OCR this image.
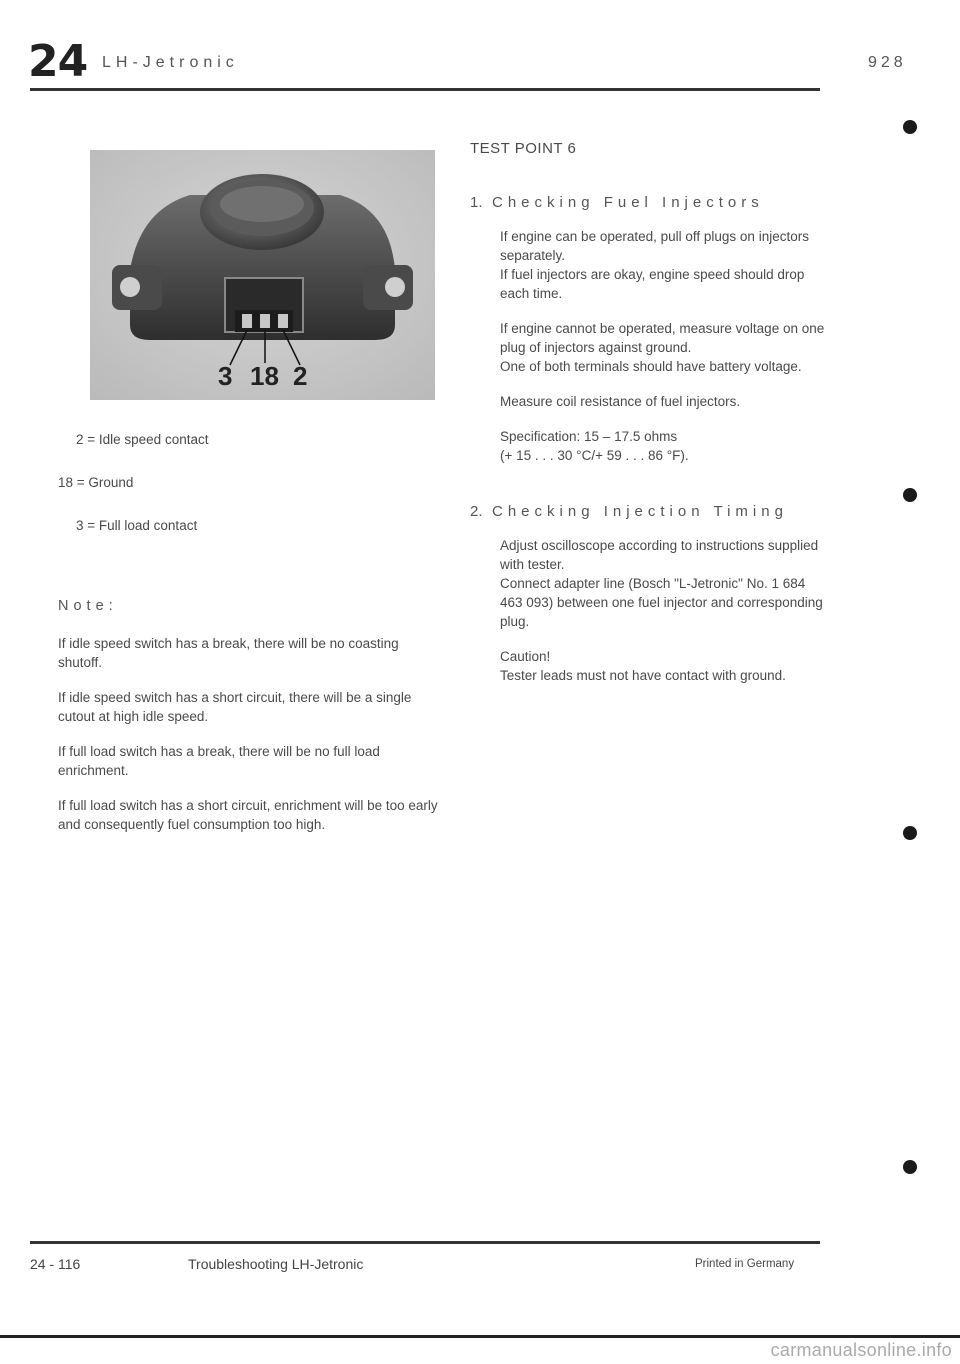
24 LH-Jetronic	928
3 18 2
2 = Idle speed contact
18 = Ground
3 = Full load contact
Note:

If idle speed switch has a break, there will be no coasting shutoff.

If idle speed switch has a short circuit, there will be a single cutout at high idle speed.

If full load switch has a break, there will be no full load enrichment.

If full load switch has a short circuit, enrichment will be too early and consequently fuel consumption too high.

TEST POINT 6
1. Checking Fuel Injectors

If engine can be operated, pull off plugs on injectors separately.
If fuel injectors are okay, engine speed should drop each time.

If engine cannot be operated, measure voltage on one plug of injectors against ground.
One of both terminals should have battery voltage.

Measure coil resistance of fuel injectors.

Specification: 15 – 17.5 ohms
(+ 15 . . . 30 °C/+ 59 . . . 86 °F).

2. Checking Injection Timing

Adjust oscilloscope according to instructions supplied with tester.
Connect adapter line (Bosch "L-Jetronic" No. 1 684 463 093) between one fuel injector and corresponding plug.

Caution!
Tester leads must not have contact with ground.

24 - 116	Troubleshooting LH-Jetronic	Printed in Germany
carmanualsonline.info
